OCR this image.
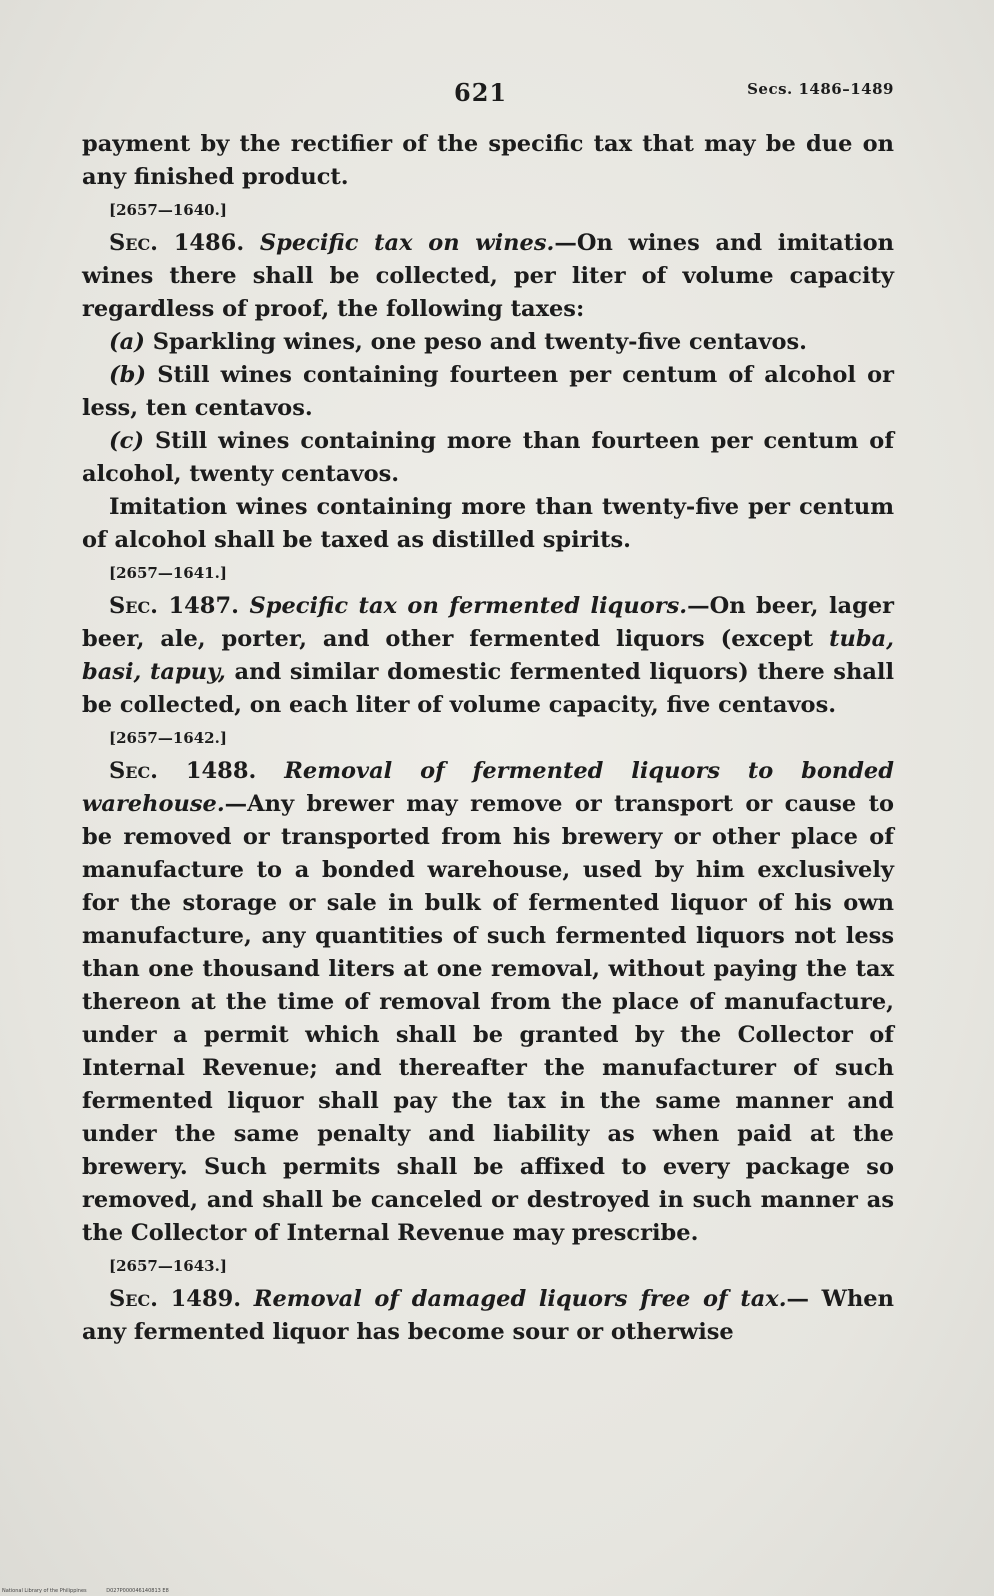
621	Secs. 1486–1489

payment by the rectifier of the specific tax that may be due on any finished product.

[2657—1640.]

Sec. 1486. Specific tax on wines.—On wines and imitation wines there shall be collected, per liter of volume capacity regardless of proof, the following taxes:

(a) Sparkling wines, one peso and twenty-five centavos.

(b) Still wines containing fourteen per centum of alcohol or less, ten centavos.

(c) Still wines containing more than fourteen per centum of alcohol, twenty centavos.

Imitation wines containing more than twenty-five per centum of alcohol shall be taxed as distilled spirits.

[2657—1641.]

Sec. 1487. Specific tax on fermented liquors.—On beer, lager beer, ale, porter, and other fermented liquors (except tuba, basi, tapuy, and similar domestic fermented liquors) there shall be collected, on each liter of volume capacity, five centavos.

[2657—1642.]

Sec. 1488. Removal of fermented liquors to bonded warehouse.—Any brewer may remove or transport or cause to be removed or transported from his brewery or other place of manufacture to a bonded warehouse, used by him exclusively for the storage or sale in bulk of fermented liquor of his own manufacture, any quantities of such fermented liquors not less than one thousand liters at one removal, without paying the tax thereon at the time of removal from the place of manufacture, under a permit which shall be granted by the Collector of Internal Revenue; and thereafter the manufacturer of such fermented liquor shall pay the tax in the same manner and under the same penalty and liability as when paid at the brewery. Such permits shall be affixed to every package so removed, and shall be canceled or destroyed in such manner as the Collector of Internal Revenue may prescribe.

[2657—1643.]

Sec. 1489. Removal of damaged liquors free of tax.— When any fermented liquor has become sour or otherwise

National Library of the Philippines	D027P000046140813 E8
